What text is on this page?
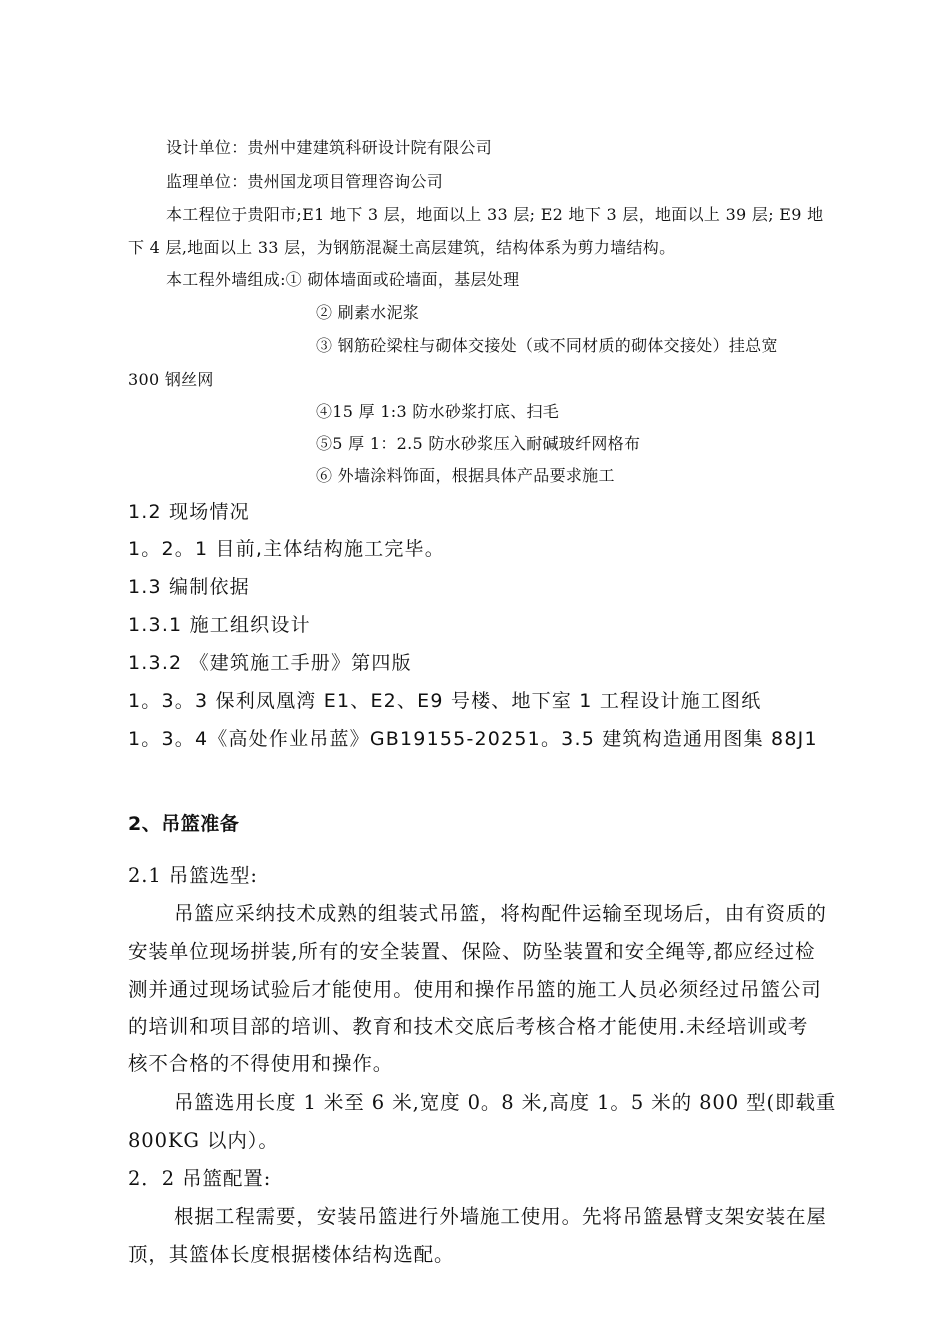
设计单位：贵州中建建筑科研设计院有限公司
监理单位：贵州国龙项目管理咨询公司
本工程位于贵阳市;E1 地下 3 层，地面以上 33 层; E2 地下 3 层，地面以上 39 层; E9 地
下 4 层,地面以上 33 层，为钢筋混凝土高层建筑，结构体系为剪力墙结构。
本工程外墙组成:① 砌体墙面或砼墙面，基层处理
② 刷素水泥浆
③ 钢筋砼梁柱与砌体交接处（或不同材质的砌体交接处）挂总宽
300 钢丝网
④15 厚 1:3 防水砂浆打底、扫毛
⑤5 厚 1：2.5 防水砂浆压入耐碱玻纤网格布
⑥ 外墙涂料饰面，根据具体产品要求施工
1.2 现场情况
1。2。1 目前,主体结构施工完毕。
1.3 编制依据
1.3.1 施工组织设计
1.3.2 《建筑施工手册》第四版
1。3。3 保利凤凰湾 E1、E2、E9 号楼、地下室 1 工程设计施工图纸
1。3。4《高处作业吊蓝》GB19155-20251。3.5 建筑构造通用图集 88J1
2、吊篮准备
2.1 吊篮选型:
吊篮应采纳技术成熟的组装式吊篮，将构配件运输至现场后，由有资质的
安装单位现场拼装,所有的安全装置、保险、防坠装置和安全绳等,都应经过检
测并通过现场试验后才能使用。使用和操作吊篮的施工人员必须经过吊篮公司
的培训和项目部的培训、教育和技术交底后考核合格才能使用.未经培训或考
核不合格的不得使用和操作。
吊篮选用长度 1 米至 6 米,宽度 0。8 米,高度 1。5 米的 800 型(即载重
800KG 以内）。
2．2 吊篮配置:
根据工程需要，安装吊篮进行外墙施工使用。先将吊篮悬臂支架安装在屋
顶，其篮体长度根据楼体结构选配。
